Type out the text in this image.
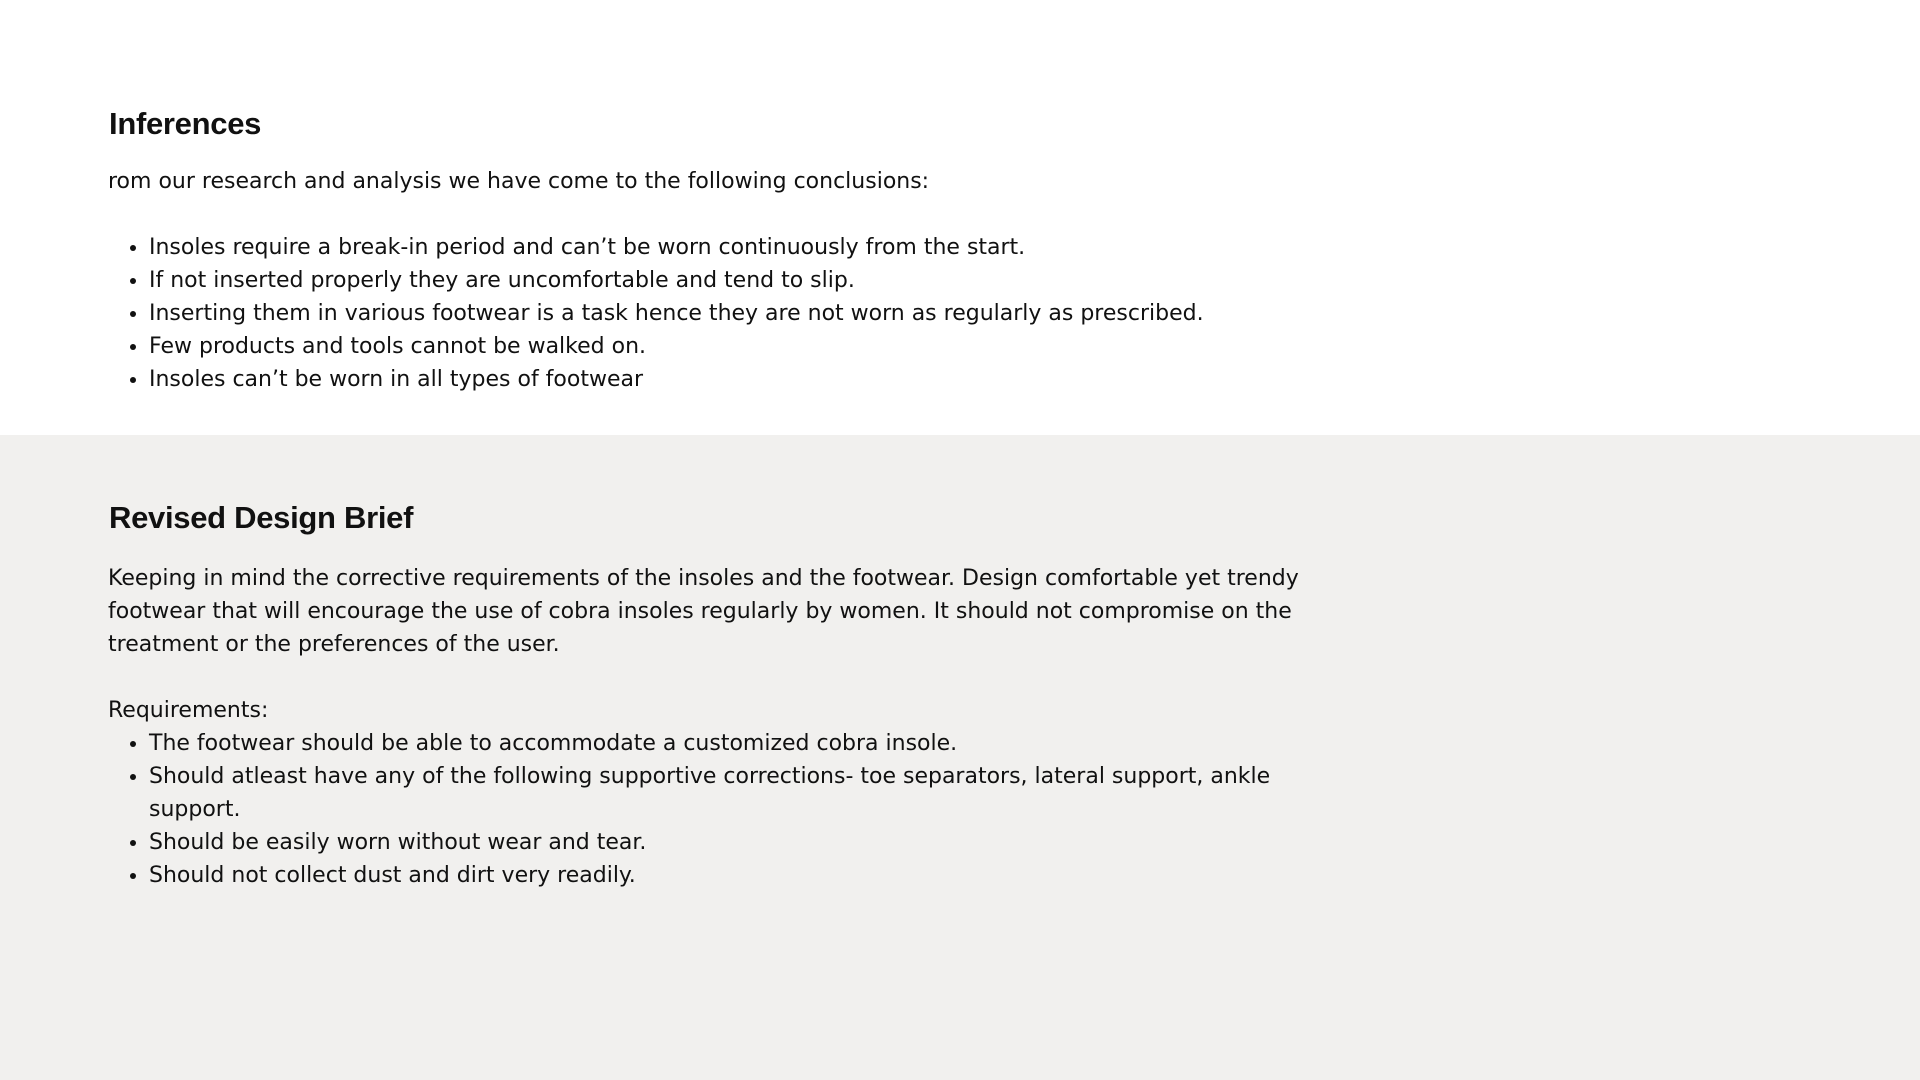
Inferences
rom our research and analysis we have come to the following conclusions:
• Insoles require a break-in period and can’t be worn continuously from the start.
• If not inserted properly they are uncomfortable and tend to slip.
• Inserting them in various footwear is a task hence they are not worn as regularly as prescribed.
• Few products and tools cannot be walked on.
• Insoles can’t be worn in all types of footwear
Revised Design Brief

Keeping in mind the corrective requirements of the insoles and the footwear. Design comfortable yet trendy footwear that will encourage the use of cobra insoles regularly by women. It should not compromise on the treatment or the preferences of the user.

Requirements:

• The footwear should be able to accommodate a customized cobra insole.
• Should atleast have any of the following supportive corrections- toe separators, lateral support, ankle support.
• Should be easily worn without wear and tear.
• Should not collect dust and dirt very readily.
